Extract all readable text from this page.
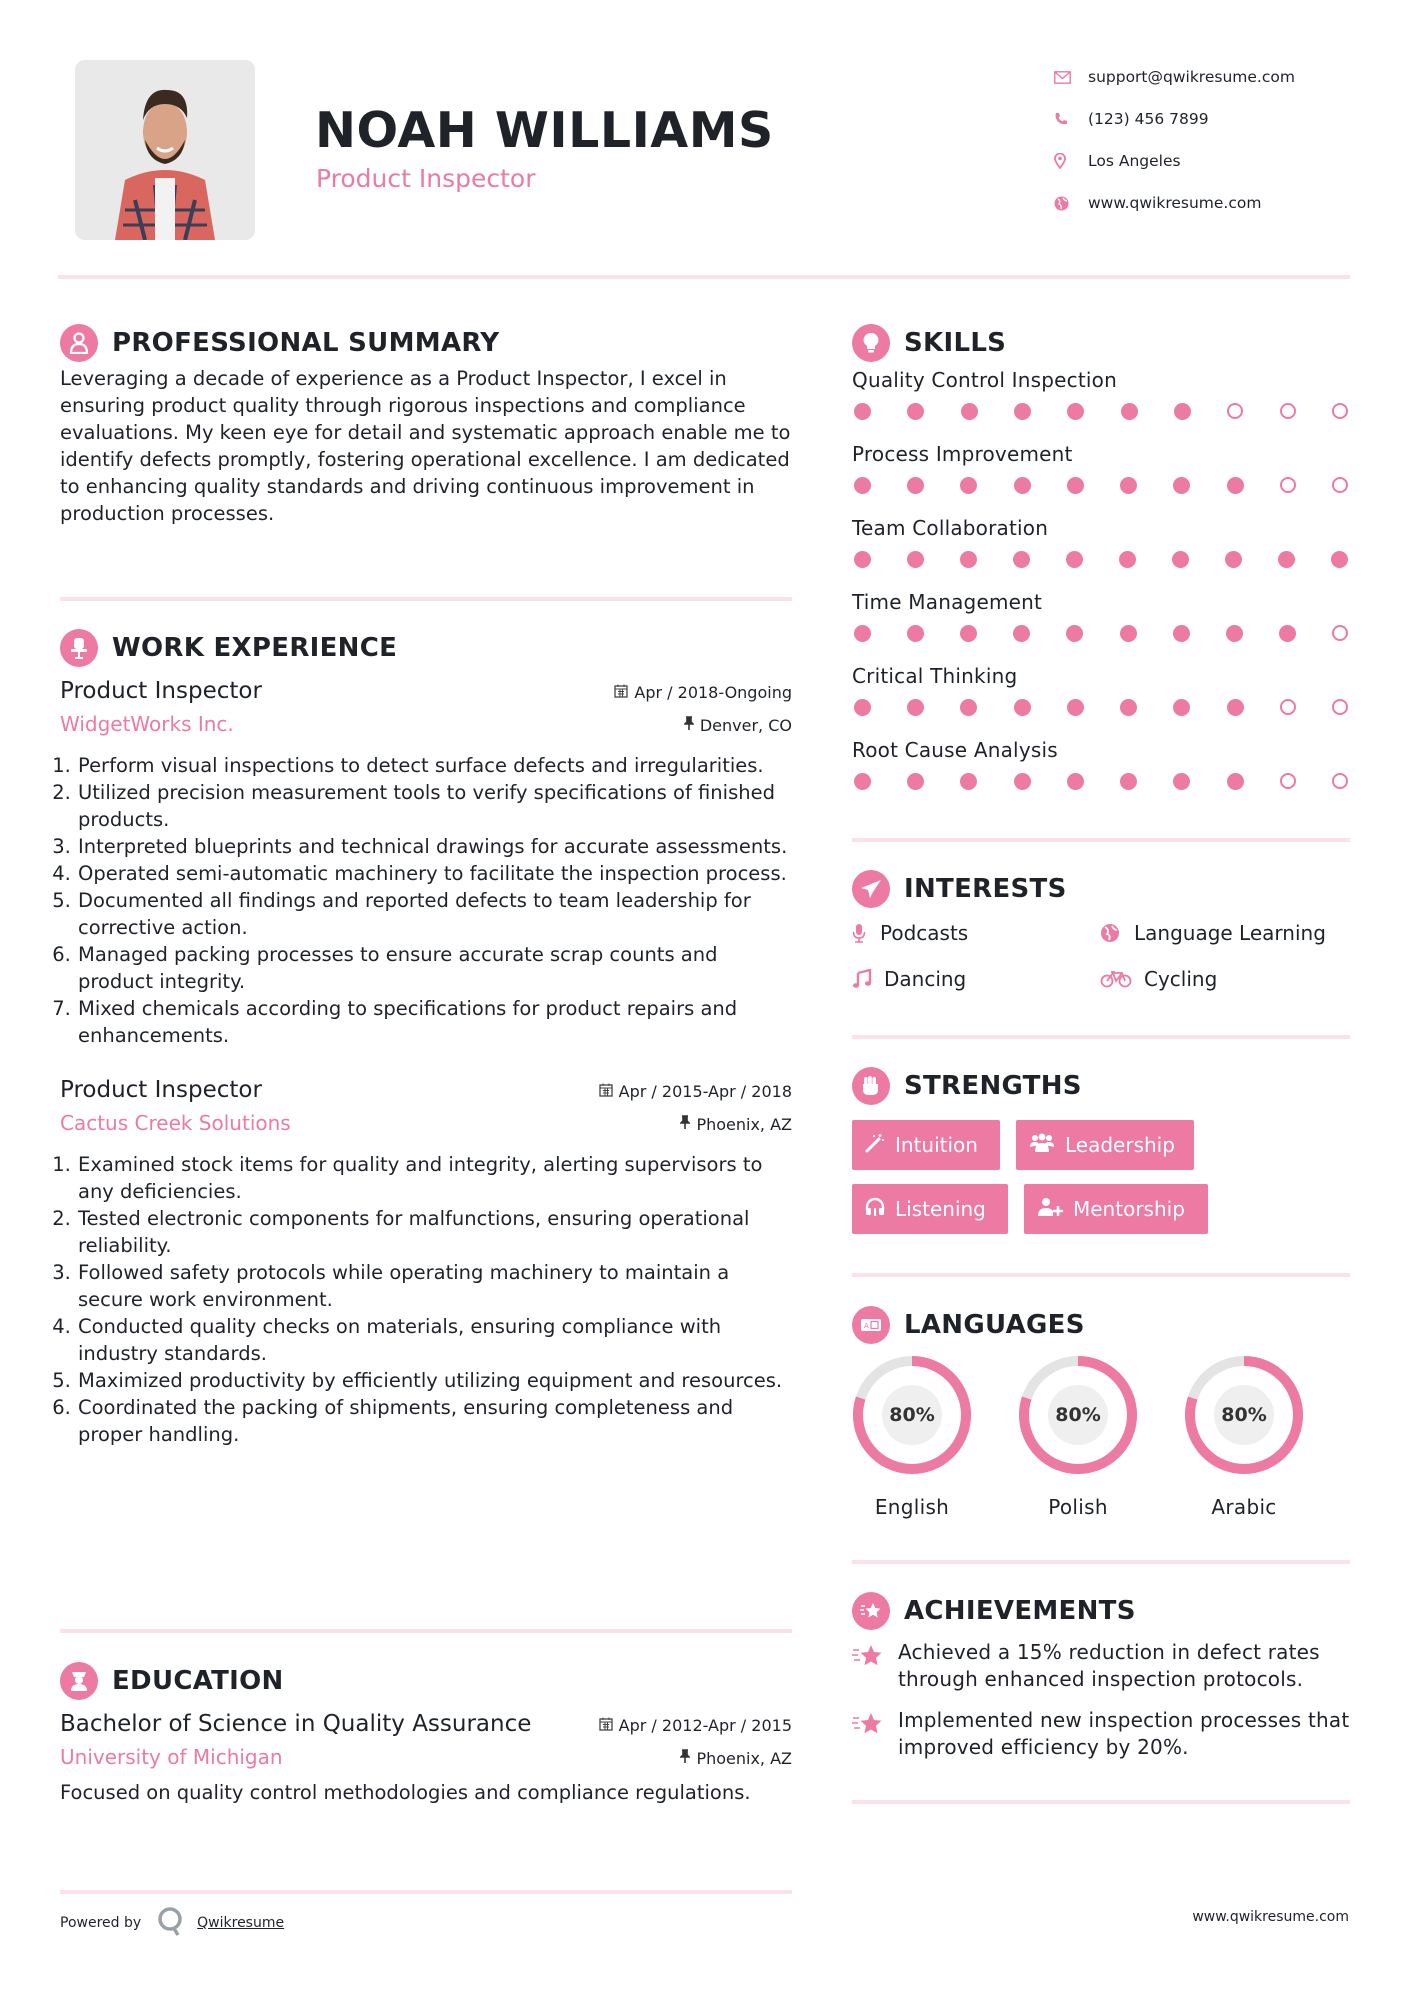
NOAH WILLIAMS
Product Inspector
support@qwikresume.com
(123) 456 7899
Los Angeles
www.qwikresume.com
PROFESSIONAL SUMMARY

Leveraging a decade of experience as a Product Inspector, I excel in ensuring product quality through rigorous inspections and compliance evaluations. My keen eye for detail and systematic approach enable me to identify defects promptly, fostering operational excellence. I am dedicated to enhancing quality standards and driving continuous improvement in production processes.

WORK EXPERIENCE
Product Inspector	Apr / 2018-Ongoing
WidgetWorks Inc.	Denver, CO
1. Perform visual inspections to detect surface defects and irregularities.
2. Utilized precision measurement tools to verify specifications of finished products.
3. Interpreted blueprints and technical drawings for accurate assessments.
4. Operated semi-automatic machinery to facilitate the inspection process.
5. Documented all findings and reported defects to team leadership for corrective action.
6. Managed packing processes to ensure accurate scrap counts and product integrity.
7. Mixed chemicals according to specifications for product repairs and enhancements.
Product Inspector	Apr / 2015-Apr / 2018
Cactus Creek Solutions	Phoenix, AZ
1. Examined stock items for quality and integrity, alerting supervisors to any deficiencies.
2. Tested electronic components for malfunctions, ensuring operational reliability.
3. Followed safety protocols while operating machinery to maintain a secure work environment.
4. Conducted quality checks on materials, ensuring compliance with industry standards.
5. Maximized productivity by efficiently utilizing equipment and resources.
6. Coordinated the packing of shipments, ensuring completeness and proper handling.
EDUCATION
Bachelor of Science in Quality Assurance	Apr / 2012-Apr / 2015
University of Michigan	Phoenix, AZ

Focused on quality control methodologies and compliance regulations.

SKILLS
Quality Control Inspection
Process Improvement
Team Collaboration
Time Management
Critical Thinking
Root Cause Analysis
INTERESTS
Podcasts	Language Learning
Dancing	Cycling
STRENGTHS
Intuition	Leadership
Listening	Mentorship
A LANGUAGES
80%
English
80%
Polish
80%
Arabic
ACHIEVEMENTS
Achieved a 15% reduction in defect rates through enhanced inspection protocols.
Implemented new inspection processes that improved efficiency by 20%.
Powered by	Qwikresume	www.qwikresume.com
